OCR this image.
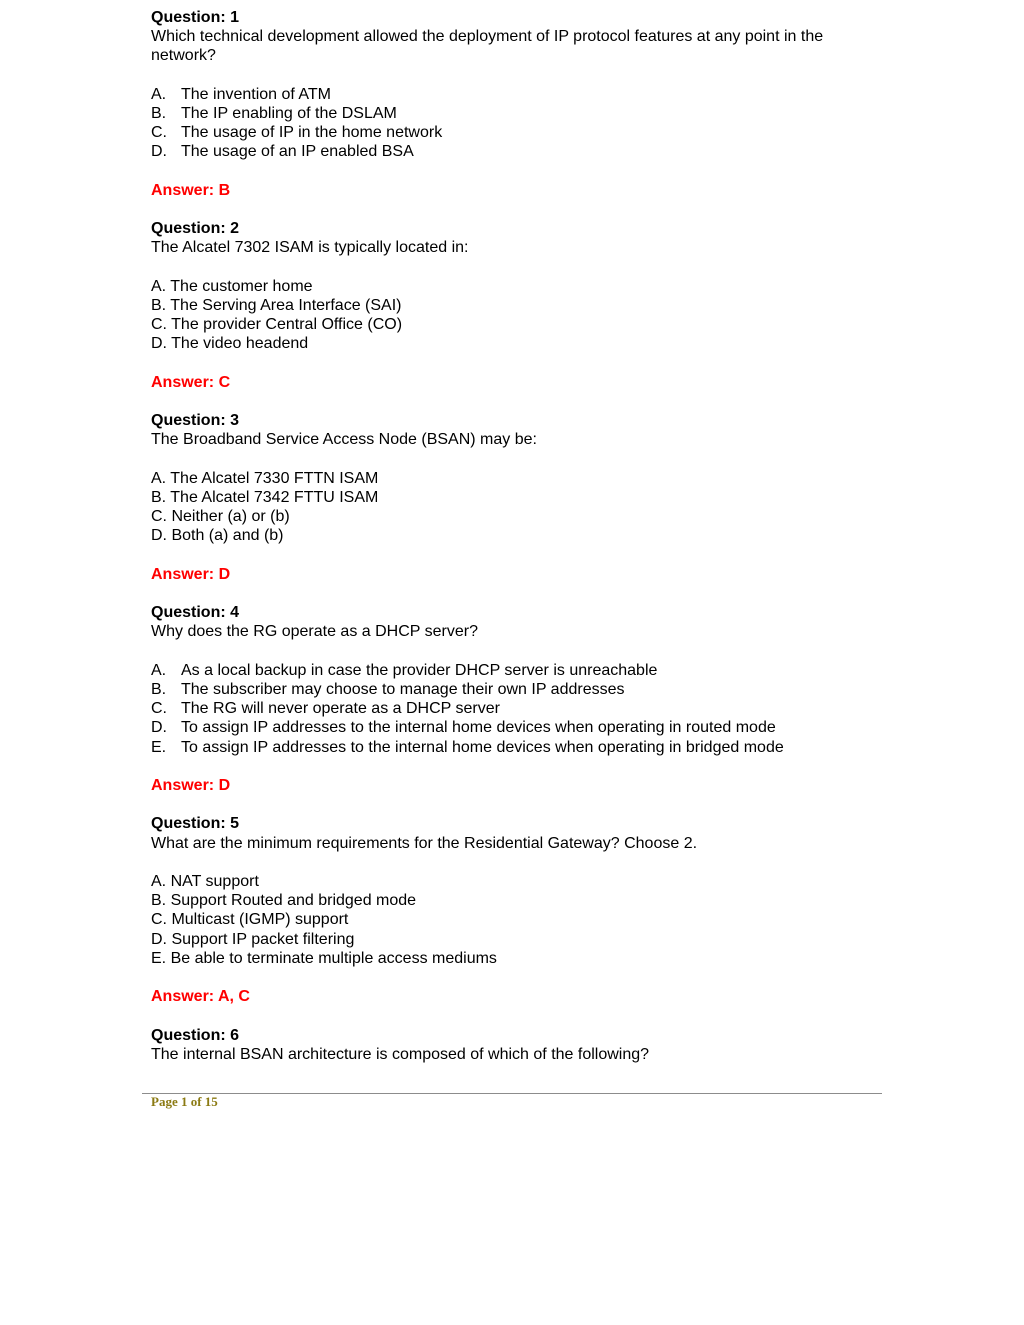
Question: 1
Which technical development allowed the deployment of IP protocol features at any point in the
network?
A. The invention of ATM
B. The IP enabling of the DSLAM
C. The usage of IP in the home network
D. The usage of an IP enabled BSA
Answer: B
Question: 2
The Alcatel 7302 ISAM is typically located in:
A. The customer home
B. The Serving Area Interface (SAI)
C. The provider Central Office (CO)
D. The video headend
Answer: C
Question: 3
The Broadband Service Access Node (BSAN) may be:
A. The Alcatel 7330 FTTN ISAM
B. The Alcatel 7342 FTTU ISAM
C. Neither (a) or (b)
D. Both (a) and (b)
Answer: D
Question: 4
Why does the RG operate as a DHCP server?
A. As a local backup in case the provider DHCP server is unreachable
B. The subscriber may choose to manage their own IP addresses
C. The RG will never operate as a DHCP server
D. To assign IP addresses to the internal home devices when operating in routed mode
E. To assign IP addresses to the internal home devices when operating in bridged mode
Answer: D
Question: 5
What are the minimum requirements for the Residential Gateway? Choose 2.
A. NAT support
B. Support Routed and bridged mode
C. Multicast (IGMP) support
D. Support IP packet filtering
E. Be able to terminate multiple access mediums
Answer: A, C
Question: 6
The internal BSAN architecture is composed of which of the following?
Page 1 of 15
